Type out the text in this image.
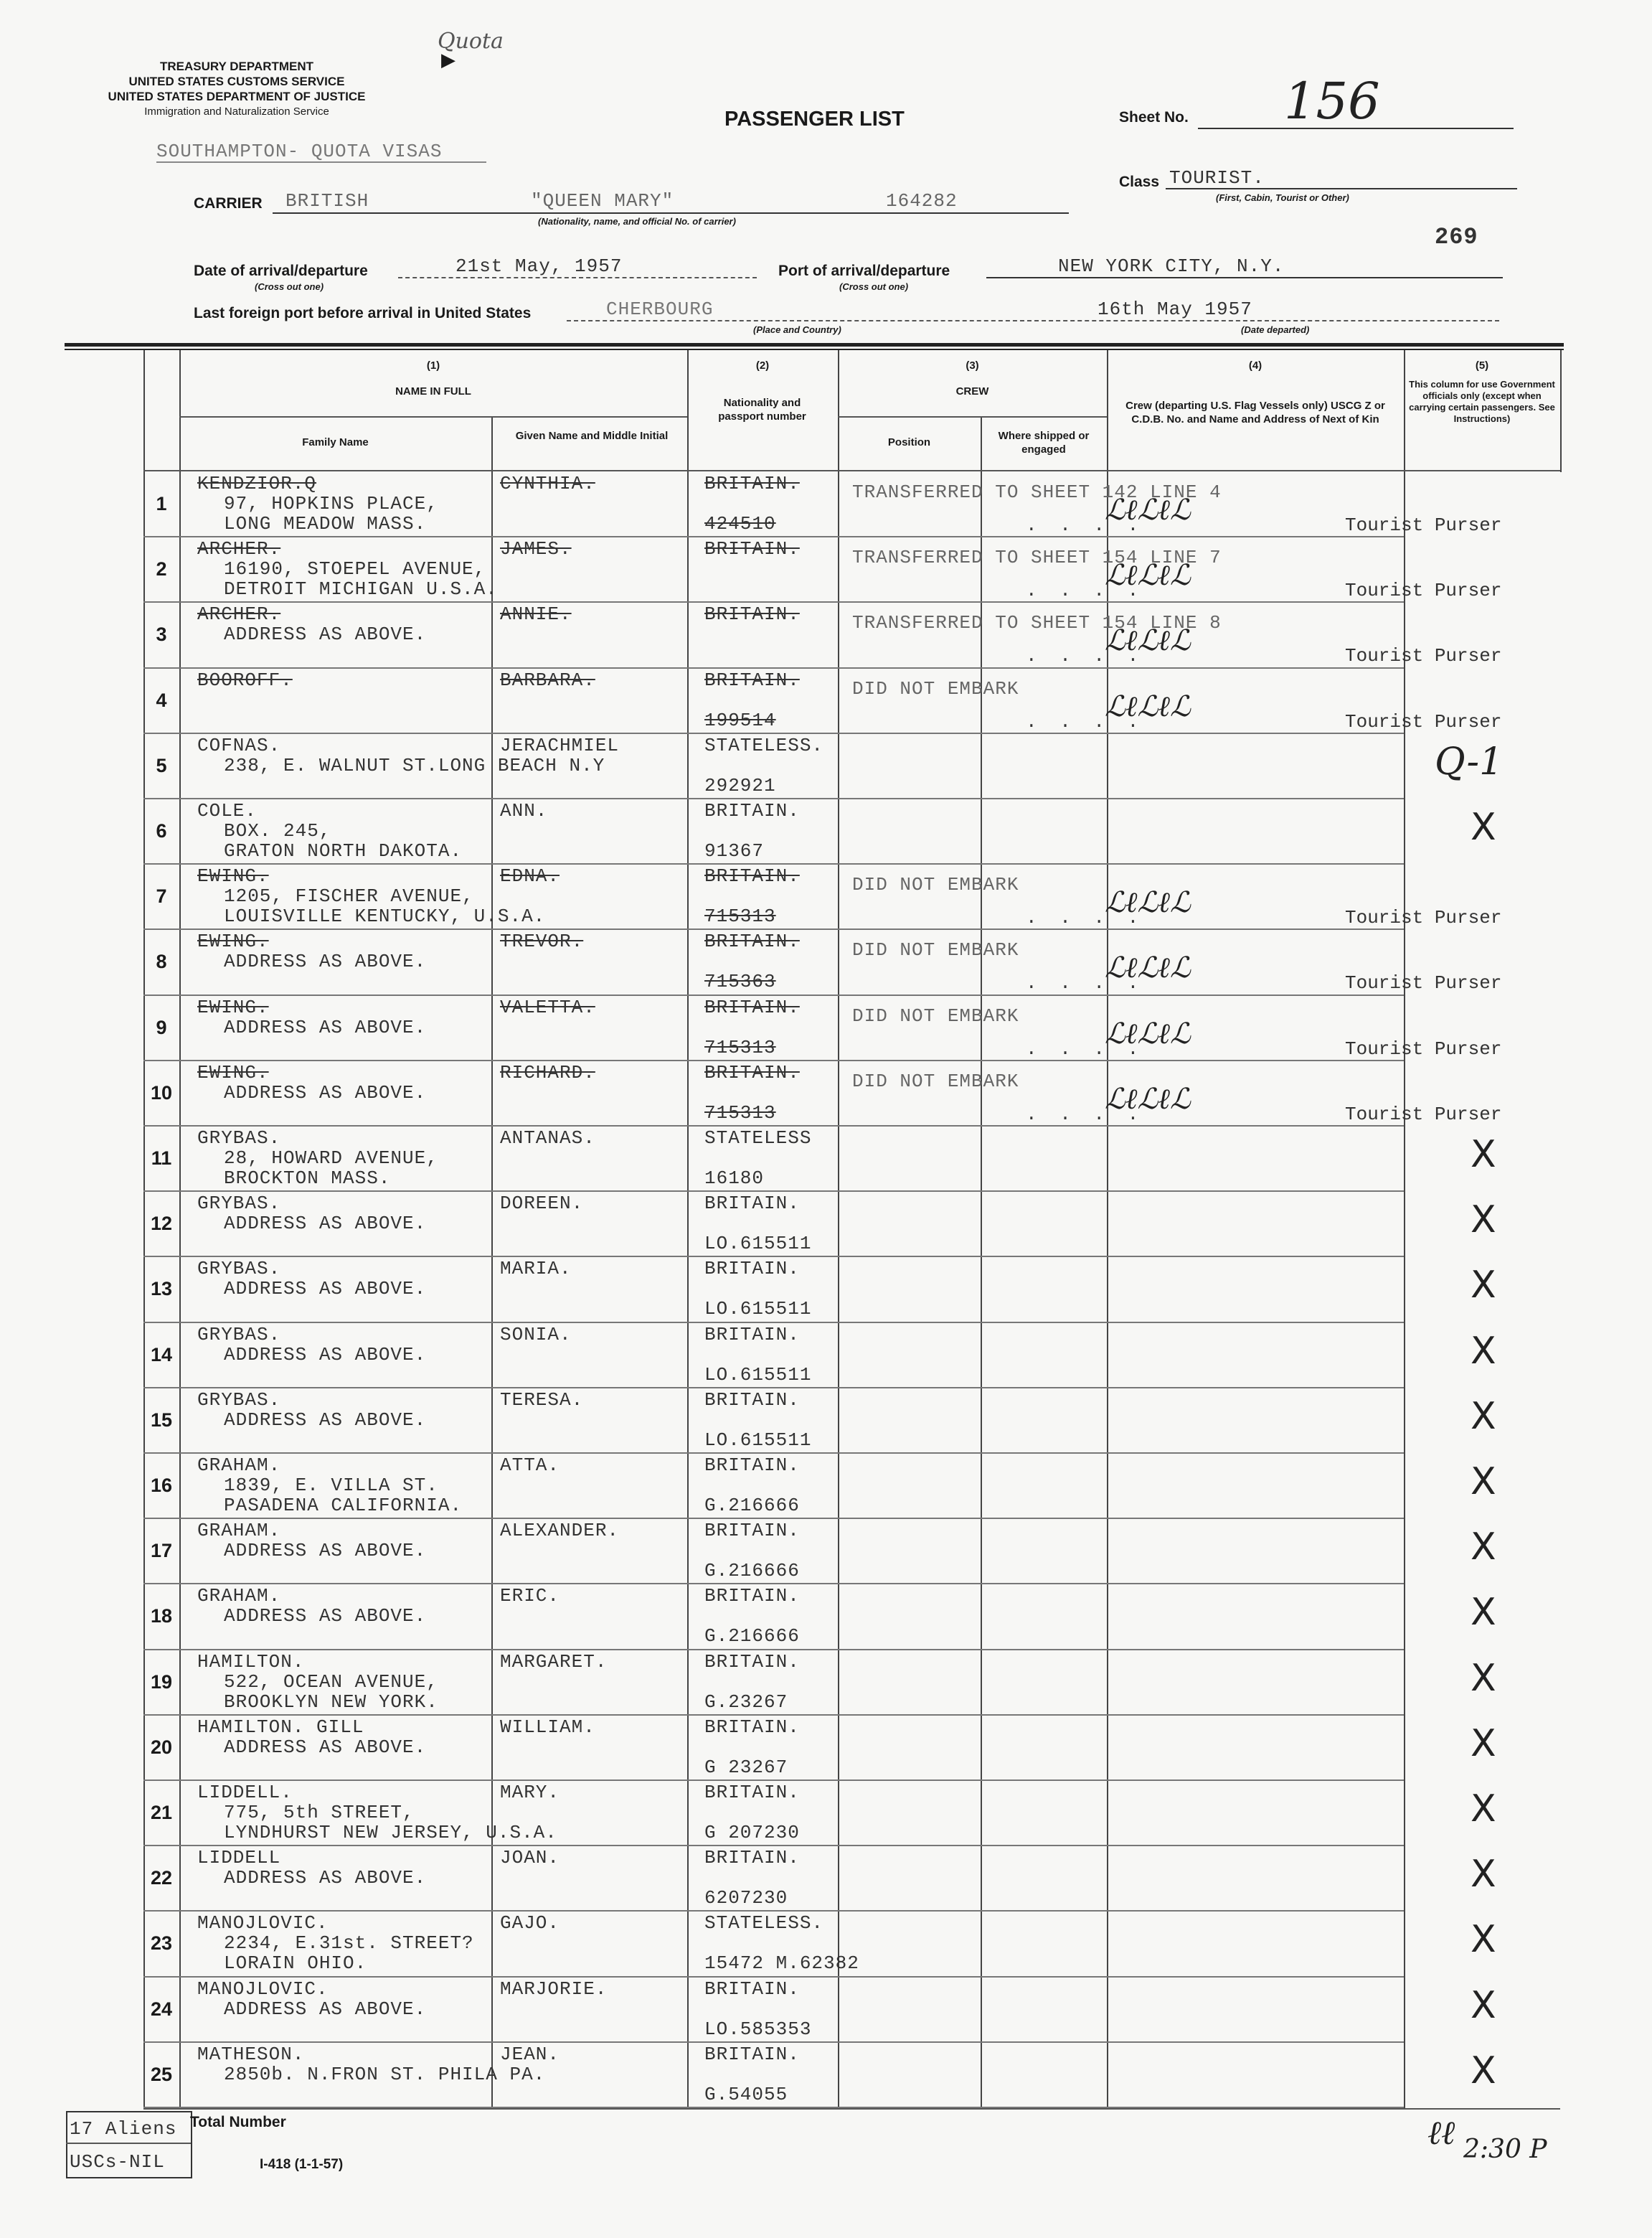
TREASURY DEPARTMENT
UNITED STATES CUSTOMS SERVICE
UNITED STATES DEPARTMENT OF JUSTICE
Immigration and Naturalization Service
Quota
▶
PASSENGER LIST	Sheet No. 156
SOUTHAMPTON- QUOTA VISAS
CARRIER BRITISH	"QUEEN MARY"	164282
(Nationality, name, and official No. of carrier)
Class TOURIST.
(First, Cabin, Tourist or Other)
269
Date of arrival/departure	21st May, 1957
(Cross out one)
Port of arrival/departure	NEW YORK CITY, N.Y.
(Cross out one)
Last foreign port before arrival in United States	CHERBOURG
(Place and Country)
16th May 1957
(Date departed)
(1)
NAME IN FULL
Family Name
Given Name and Middle Initial
(2)
Nationality and passport number
(3)
CREW
Position
Where shipped or engaged
(4)
Crew (departing U.S. Flag Vessels only) USCG Z or C.D.B. No. and Name and Address of Next of Kin
(5)
This column for use Government officials only (except when carrying certain passengers. See Instructions)
1
KENDZIOR.Q
97, HOPKINS PLACE,
LONG MEADOW MASS.
CYNTHIA.	BRITAIN.
424510
TRANSFERRED TO SHEET 142 LINE 4
Tourist Purser
ℒℓℒℓℒ
. . . .
2
ARCHER.
16190, STOEPEL AVENUE,
DETROIT MICHIGAN U.S.A.
JAMES.	BRITAIN.	TRANSFERRED TO SHEET 154 LINE 7
Tourist Purser
ℒℓℒℓℒ
. . . .
3
ARCHER.
ADDRESS AS ABOVE.
ANNIE.	BRITAIN.	TRANSFERRED TO SHEET 154 LINE 8
Tourist Purser
ℒℓℒℓℒ
. . . .
4
BOOROFF.	BARBARA.	BRITAIN.
199514
DID NOT EMBARK
Tourist Purser
ℒℓℒℓℒ
. . . .
5
COFNAS.
238, E. WALNUT ST.LONG BEACH N.Y
JERACHMIEL	STATELESS.
292921
Q-1
6
COLE.
BOX. 245,
GRATON NORTH DAKOTA.
ANN.	BRITAIN.
91367
X
7
EWING.
1205, FISCHER AVENUE,
LOUISVILLE KENTUCKY, U.S.A.
EDNA.	BRITAIN.
715313
DID NOT EMBARK
Tourist Purser
ℒℓℒℓℒ
. . . .
8
EWING.
ADDRESS AS ABOVE.
TREVOR.	BRITAIN.
715363
DID NOT EMBARK
Tourist Purser
ℒℓℒℓℒ
. . . .
9
EWING.
ADDRESS AS ABOVE.
VALETTA.	BRITAIN.
715313
DID NOT EMBARK
Tourist Purser
ℒℓℒℓℒ
. . . .
10
EWING.
ADDRESS AS ABOVE.
RICHARD.	BRITAIN.
715313
DID NOT EMBARK
Tourist Purser
ℒℓℒℓℒ
. . . .
11
GRYBAS.
28, HOWARD AVENUE,
BROCKTON MASS.
ANTANAS.	STATELESS
16180
X
12
GRYBAS.
ADDRESS AS ABOVE.
DOREEN.	BRITAIN.
LO.615511
X
13
GRYBAS.
ADDRESS AS ABOVE.
MARIA.	BRITAIN.
LO.615511
X
14
GRYBAS.
ADDRESS AS ABOVE.
SONIA.	BRITAIN.
LO.615511
X
15
GRYBAS.
ADDRESS AS ABOVE.
TERESA.	BRITAIN.
LO.615511
X
16
GRAHAM.
1839, E. VILLA ST.
PASADENA CALIFORNIA.
ATTA.	BRITAIN.
G.216666
X
17
GRAHAM.
ADDRESS AS ABOVE.
ALEXANDER.	BRITAIN.
G.216666
X
18
GRAHAM.
ADDRESS AS ABOVE.
ERIC.	BRITAIN.
G.216666
X
19
HAMILTON.
522, OCEAN AVENUE,
BROOKLYN NEW YORK.
MARGARET.	BRITAIN.
G.23267
X
20
HAMILTON. GILL
ADDRESS AS ABOVE.
WILLIAM.	BRITAIN.
G 23267
X
21
LIDDELL.
775, 5th STREET,
LYNDHURST NEW JERSEY, U.S.A.
MARY.	BRITAIN.
G 207230
X
22
LIDDELL
ADDRESS AS ABOVE.
JOAN.	BRITAIN.
6207230
X
23
MANOJLOVIC.
2234, E.31st. STREET?
LORAIN OHIO.
GAJO.	STATELESS.
15472 M.62382
X
24
MANOJLOVIC.
ADDRESS AS ABOVE.
MARJORIE.	BRITAIN.
LO.585353
X
25
MATHESON.
2850b. N.FRON ST. PHILA PA.
JEAN.	BRITAIN.
G.54055
X
17 Aliens
USCs-NIL
Total Number
I-418 (1-1-57)
ℓℓ 2:30 P
